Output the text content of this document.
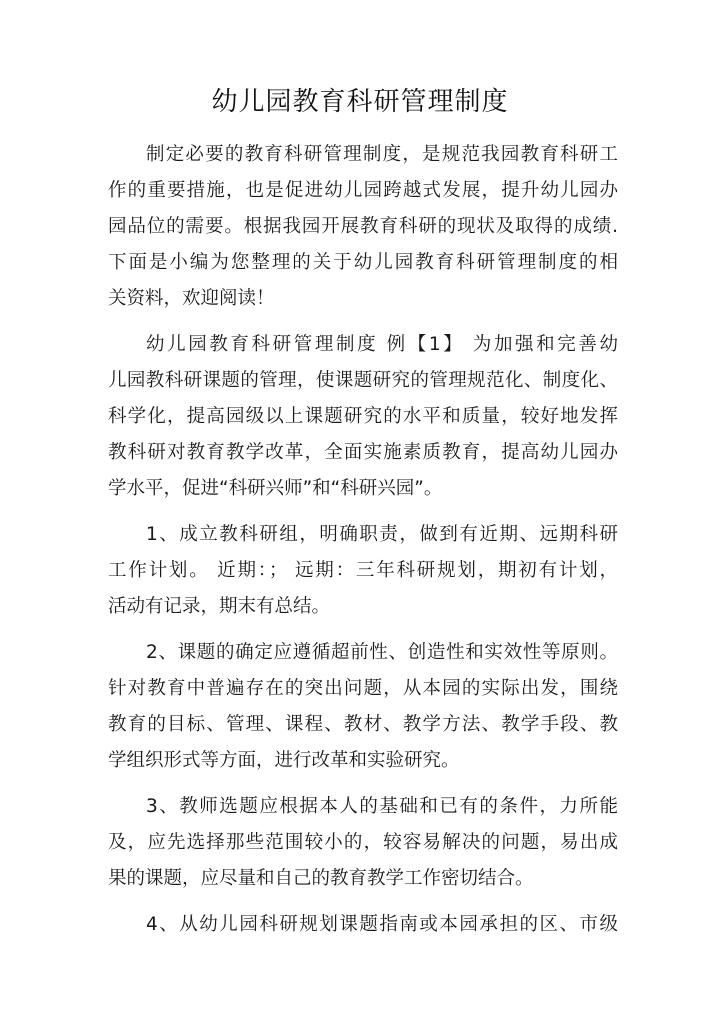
幼儿园教育科研管理制度
制定必要的教育科研管理制度，是规范我园教育科研工
作的重要措施，也是促进幼儿园跨越式发展，提升幼儿园办
园品位的需要。根据我园开展教育科研的现状及取得的成绩.
下面是小编为您整理的关于幼儿园教育科研管理制度的相
关资料，欢迎阅读！
幼儿园教育科研管理制度 例【1】 为加强和完善幼
儿园教科研课题的管理，使课题研究的管理规范化、制度化、
科学化，提高园级以上课题研究的水平和质量，较好地发挥
教科研对教育教学改革，全面实施素质教育，提高幼儿园办
学水平，促进“科研兴师”和“科研兴园”。
1、成立教科研组，明确职责，做到有近期、远期科研
工作计划。 近期：； 远期：三年科研规划，期初有计划，
活动有记录，期末有总结。
2、课题的确定应遵循超前性、创造性和实效性等原则。
针对教育中普遍存在的突出问题，从本园的实际出发，围绕
教育的目标、管理、课程、教材、教学方法、教学手段、教
学组织形式等方面，进行改革和实验研究。
3、教师选题应根据本人的基础和已有的条件，力所能
及，应先选择那些范围较小的，较容易解决的问题，易出成
果的课题，应尽量和自己的教育教学工作密切结合。
4、从幼儿园科研规划课题指南或本园承担的区、市级
